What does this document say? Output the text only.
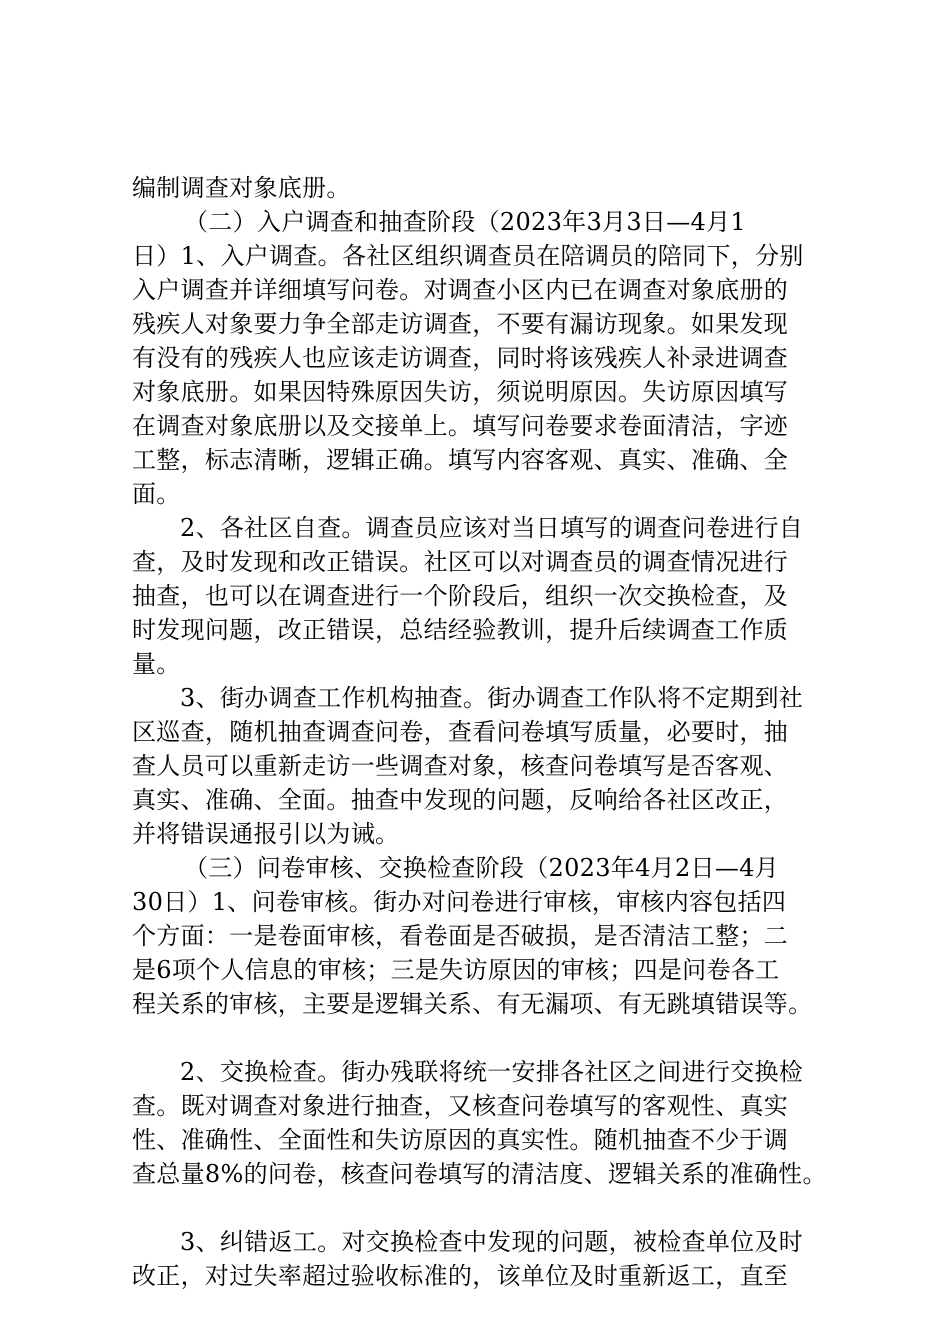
编制调查对象底册。
（二）入户调查和抽查阶段（2023年3月3日—4月1
日）1、入户调查。各社区组织调查员在陪调员的陪同下，分别
入户调查并详细填写问卷。对调查小区内已在调查对象底册的
残疾人对象要力争全部走访调查，不要有漏访现象。如果发现
有没有的残疾人也应该走访调查，同时将该残疾人补录进调查
对象底册。如果因特殊原因失访，须说明原因。失访原因填写
在调查对象底册以及交接单上。填写问卷要求卷面清洁，字迹
工整，标志清晰，逻辑正确。填写内容客观、真实、准确、全
面。
2、各社区自查。调查员应该对当日填写的调查问卷进行自
查，及时发现和改正错误。社区可以对调查员的调查情况进行
抽查，也可以在调查进行一个阶段后，组织一次交换检查，及
时发现问题，改正错误，总结经验教训，提升后续调查工作质
量。
3、街办调查工作机构抽查。街办调查工作队将不定期到社
区巡查，随机抽查调查问卷，查看问卷填写质量，必要时，抽
查人员可以重新走访一些调查对象，核查问卷填写是否客观、
真实、准确、全面。抽查中发现的问题，反响给各社区改正，
并将错误通报引以为诫。
（三）问卷审核、交换检查阶段（2023年4月2日—4月
30日）1、问卷审核。街办对问卷进行审核，审核内容包括四
个方面：一是卷面审核，看卷面是否破损，是否清洁工整；二
是6项个人信息的审核；三是失访原因的审核；四是问卷各工
程关系的审核，主要是逻辑关系、有无漏项、有无跳填错误等。
2、交换检查。街办残联将统一安排各社区之间进行交换检
查。既对调查对象进行抽查，又核查问卷填写的客观性、真实
性、准确性、全面性和失访原因的真实性。随机抽查不少于调
查总量8%的问卷，核查问卷填写的清洁度、逻辑关系的准确性。
3、纠错返工。对交换检查中发现的问题，被检查单位及时
改正，对过失率超过验收标准的，该单位及时重新返工，直至
